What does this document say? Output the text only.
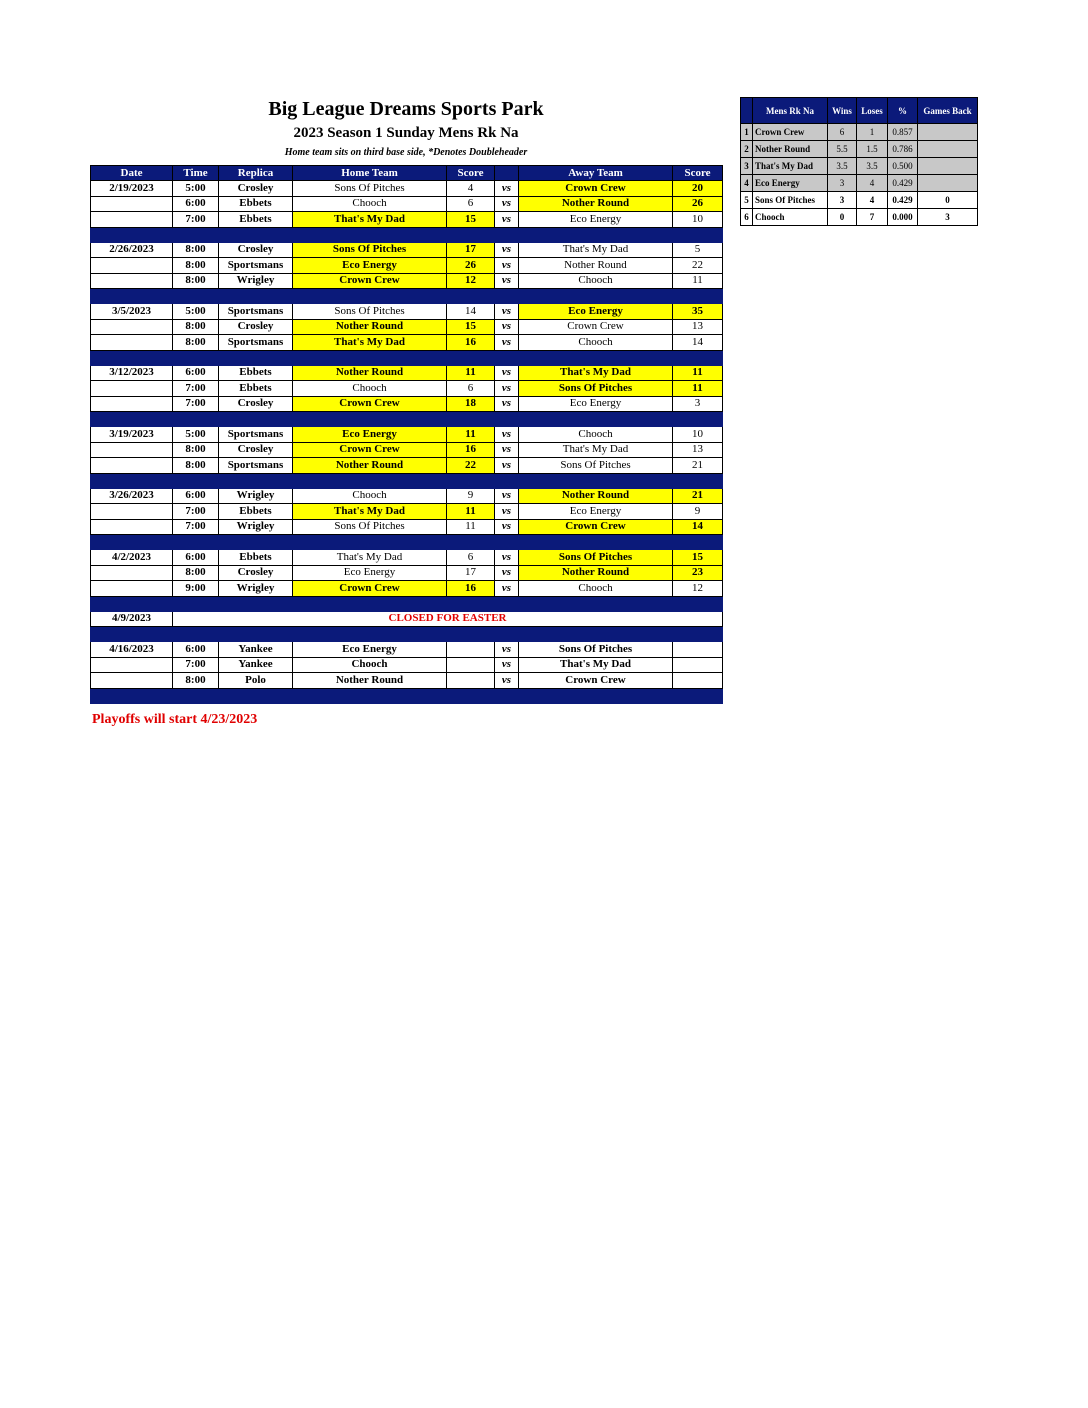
Big League Dreams Sports Park
2023 Season 1 Sunday Mens Rk Na
Home team sits on third base side, *Denotes Doubleheader
Date	Time	Replica	Home Team	Score		Away Team	Score
2/19/2023	5:00	Crosley	Sons Of Pitches	4	vs	Crown Crew	20
	6:00	Ebbets	Chooch	6	vs	Nother Round	26
	7:00	Ebbets	That's My Dad	15	vs	Eco Energy	10

2/26/2023	8:00	Crosley	Sons Of Pitches	17	vs	That's My Dad	5
	8:00	Sportsmans	Eco Energy	26	vs	Nother Round	22
	8:00	Wrigley	Crown Crew	12	vs	Chooch	11

3/5/2023	5:00	Sportsmans	Sons Of Pitches	14	vs	Eco Energy	35
	8:00	Crosley	Nother Round	15	vs	Crown Crew	13
	8:00	Sportsmans	That's My Dad	16	vs	Chooch	14

3/12/2023	6:00	Ebbets	Nother Round	11	vs	That's My Dad	11
	7:00	Ebbets	Chooch	6	vs	Sons Of Pitches	11
	7:00	Crosley	Crown Crew	18	vs	Eco Energy	3

3/19/2023	5:00	Sportsmans	Eco Energy	11	vs	Chooch	10
	8:00	Crosley	Crown Crew	16	vs	That's My Dad	13
	8:00	Sportsmans	Nother Round	22	vs	Sons Of Pitches	21

3/26/2023	6:00	Wrigley	Chooch	9	vs	Nother Round	21
	7:00	Ebbets	That's My Dad	11	vs	Eco Energy	9
	7:00	Wrigley	Sons Of Pitches	11	vs	Crown Crew	14

4/2/2023	6:00	Ebbets	That's My Dad	6	vs	Sons Of Pitches	15
	8:00	Crosley	Eco Energy	17	vs	Nother Round	23
	9:00	Wrigley	Crown Crew	16	vs	Chooch	12

4/9/2023	CLOSED FOR EASTER						

4/16/2023	6:00	Yankee	Eco Energy		vs	Sons Of Pitches	
	7:00	Yankee	Chooch		vs	That's My Dad	
	8:00	Polo	Nother Round		vs	Crown Crew	

Playoffs will start 4/23/2023
	Mens Rk Na	Wins	Loses	%	Games Back
1	Crown Crew	6	1	0.857	
2	Nother Round	5.5	1.5	0.786	
3	That's My Dad	3.5	3.5	0.500	
4	Eco Energy	3	4	0.429	
5	Sons Of Pitches	3	4	0.429	0
6	Chooch	0	7	0.000	3
